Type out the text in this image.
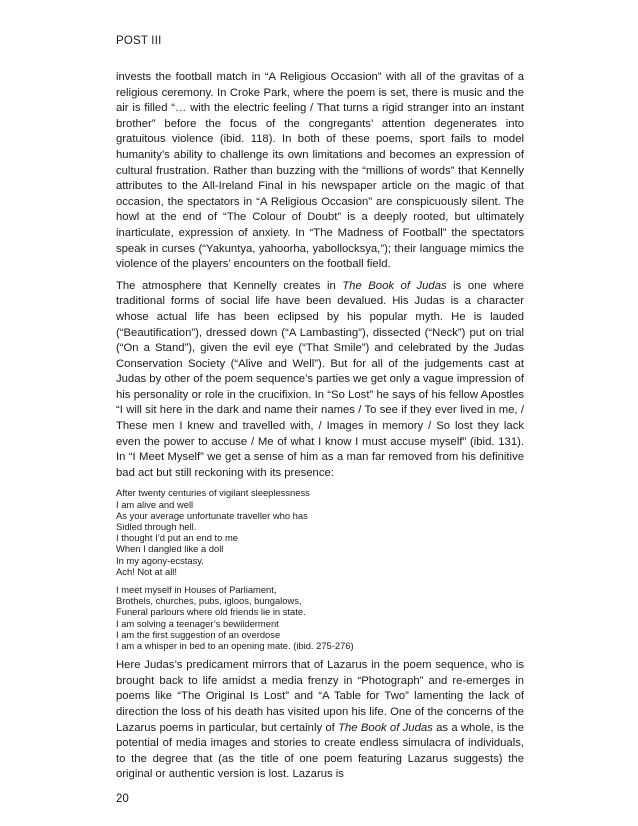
POST III

invests the football match in “A Religious Occasion” with all of the gravitas of a religious ceremony. In Croke Park, where the poem is set, there is music and the air is filled “… with the electric feeling / That turns a rigid stranger into an instant brother” before the focus of the congregants’ attention degenerates into gratuitous violence (ibid. 118). In both of these poems, sport fails to model humanity’s ability to challenge its own limitations and becomes an expression of cultural frustration. Rather than buzzing with the “millions of words” that Kennelly attributes to the All-Ireland Final in his newspaper article on the magic of that occasion, the spectators in “A Religious Occasion” are conspicuously silent. The howl at the end of “The Colour of Doubt” is a deeply rooted, but ultimately inarticulate, expression of anxiety. In “The Madness of Football” the spectators speak in curses (“Yakuntya, yahoorha, yabollocksya,”); their language mimics the violence of the players’ encounters on the football field.

The atmosphere that Kennelly creates in The Book of Judas is one where traditional forms of social life have been devalued. His Judas is a character whose actual life has been eclipsed by his popular myth. He is lauded (“Beautification”), dressed down (“A Lambasting”), dissected (“Neck”) put on trial (“On a Stand”), given the evil eye (“That Smile”) and celebrated by the Judas Conservation Society (“Alive and Well”). But for all of the judgements cast at Judas by other of the poem sequence’s parties we get only a vague impression of his personality or role in the crucifixion. In “So Lost” he says of his fellow Apostles “I will sit here in the dark and name their names / To see if they ever lived in me, / These men I knew and travelled with, / Images in memory / So lost they lack even the power to accuse / Me of what I know I must accuse myself” (ibid. 131). In “I Meet Myself” we get a sense of him as a man far removed from his definitive bad act but still reckoning with its presence:

After twenty centuries of vigilant sleeplessness
I am alive and well
As your average unfortunate traveller who has
Sidled through hell.
I thought I’d put an end to me
When I dangled like a doll
In my agony-ecstasy.
Ach! Not at all!
I meet myself in Houses of Parliament,
Brothels, churches, pubs, igloos, bungalows,
Funeral parlours where old friends lie in state.
I am solving a teenager’s bewilderment
I am the first suggestion of an overdose
I am a whisper in bed to an opening mate. (ibid. 275-276)

Here Judas’s predicament mirrors that of Lazarus in the poem sequence, who is brought back to life amidst a media frenzy in “Photograph” and re-emerges in poems like “The Original Is Lost” and “A Table for Two” lamenting the lack of direction the loss of his death has visited upon his life. One of the concerns of the Lazarus poems in particular, but certainly of The Book of Judas as a whole, is the potential of media images and stories to create endless simulacra of individuals, to the degree that (as the title of one poem featuring Lazarus suggests) the original or authentic version is lost. Lazarus is

20
